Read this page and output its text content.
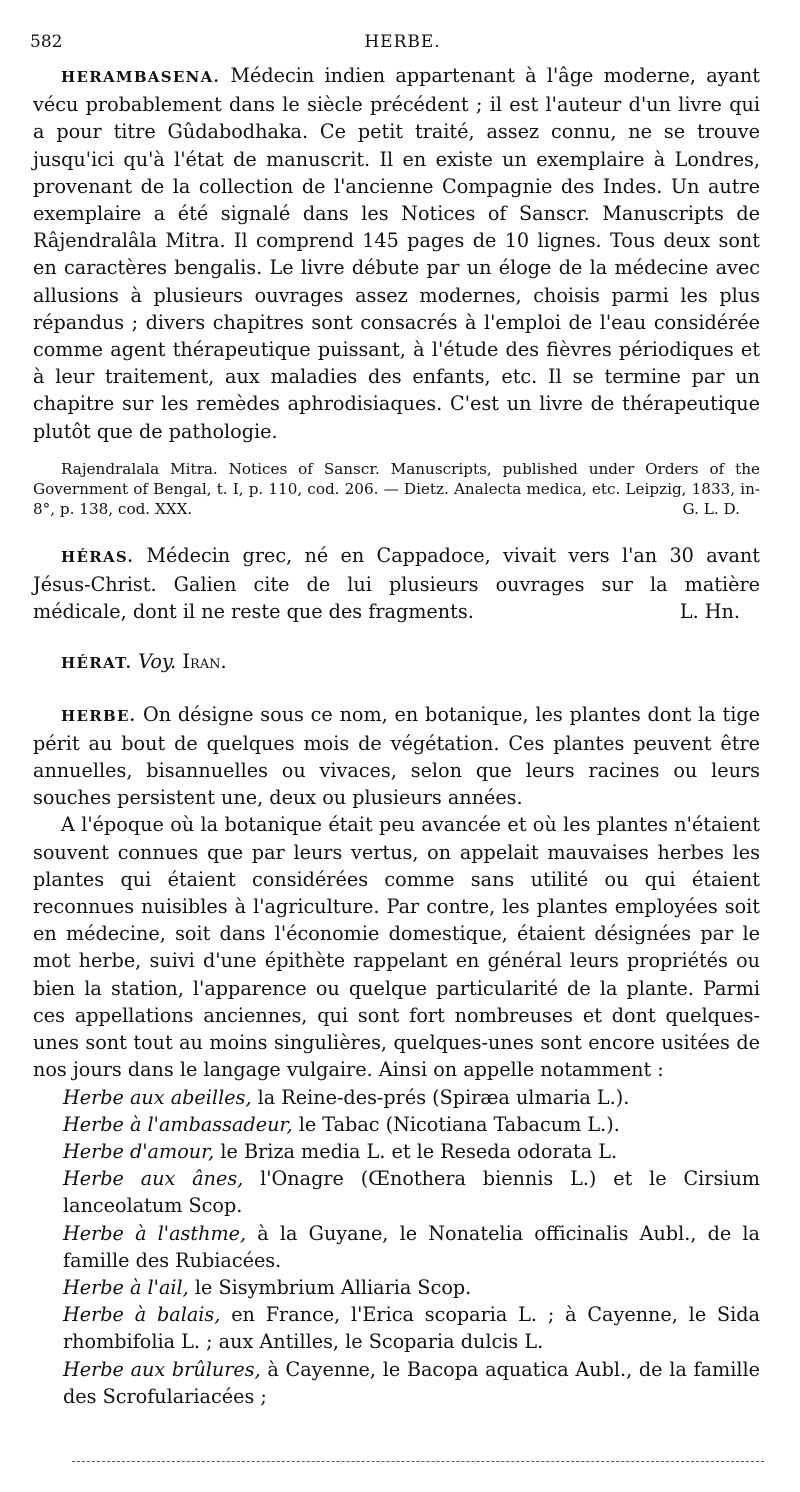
582	HERBE.

HERAMBASENA. Médecin indien appartenant à l'âge moderne, ayant vécu probablement dans le siècle précédent ; il est l'auteur d'un livre qui a pour titre Gûdabodhaka. Ce petit traité, assez connu, ne se trouve jusqu'ici qu'à l'état de manuscrit. Il en existe un exemplaire à Londres, provenant de la collection de l'ancienne Compagnie des Indes. Un autre exemplaire a été signalé dans les Notices of Sanscr. Manuscripts de Râjendralâla Mitra. Il comprend 145 pages de 10 lignes. Tous deux sont en caractères bengalis. Le livre débute par un éloge de la médecine avec allusions à plusieurs ouvrages assez modernes, choisis parmi les plus répandus ; divers chapitres sont consacrés à l'emploi de l'eau considérée comme agent thérapeutique puissant, à l'étude des fièvres périodiques et à leur traitement, aux maladies des enfants, etc. Il se termine par un chapitre sur les remèdes aphrodisiaques. C'est un livre de thérapeutique plutôt que de pathologie.

Rajendralala Mitra. Notices of Sanscr. Manuscripts, published under Orders of the Government of Bengal, t. I, p. 110, cod. 206. — Dietz. Analecta medica, etc. Leipzig, 1833, in-8°, p. 138, cod. XXX.	G. L. D.

HÉRAS. Médecin grec, né en Cappadoce, vivait vers l'an 30 avant Jésus-Christ. Galien cite de lui plusieurs ouvrages sur la matière médicale, dont il ne reste que des fragments.	L. Hn.

HÉRAT. Voy. Iran.

HERBE. On désigne sous ce nom, en botanique, les plantes dont la tige périt au bout de quelques mois de végétation. Ces plantes peuvent être annuelles, bisannuelles ou vivaces, selon que leurs racines ou leurs souches persistent une, deux ou plusieurs années.

A l'époque où la botanique était peu avancée et où les plantes n'étaient souvent connues que par leurs vertus, on appelait mauvaises herbes les plantes qui étaient considérées comme sans utilité ou qui étaient reconnues nuisibles à l'agriculture. Par contre, les plantes employées soit en médecine, soit dans l'économie domestique, étaient désignées par le mot herbe, suivi d'une épithète rappelant en général leurs propriétés ou bien la station, l'apparence ou quelque particularité de la plante. Parmi ces appellations anciennes, qui sont fort nombreuses et dont quelques-unes sont tout au moins singulières, quelques-unes sont encore usitées de nos jours dans le langage vulgaire. Ainsi on appelle notamment :

Herbe aux abeilles, la Reine-des-prés (Spiræa ulmaria L.).

Herbe à l'ambassadeur, le Tabac (Nicotiana Tabacum L.).

Herbe d'amour, le Briza media L. et le Reseda odorata L.

Herbe aux ânes, l'Onagre (Œnothera biennis L.) et le Cirsium lanceolatum Scop.

Herbe à l'asthme, à la Guyane, le Nonatelia officinalis Aubl., de la famille des Rubiacées.

Herbe à l'ail, le Sisymbrium Alliaria Scop.

Herbe à balais, en France, l'Erica scoparia L. ; à Cayenne, le Sida rhombifolia L. ; aux Antilles, le Scoparia dulcis L.

Herbe aux brûlures, à Cayenne, le Bacopa aquatica Aubl., de la famille des Scrofulariacées ;
